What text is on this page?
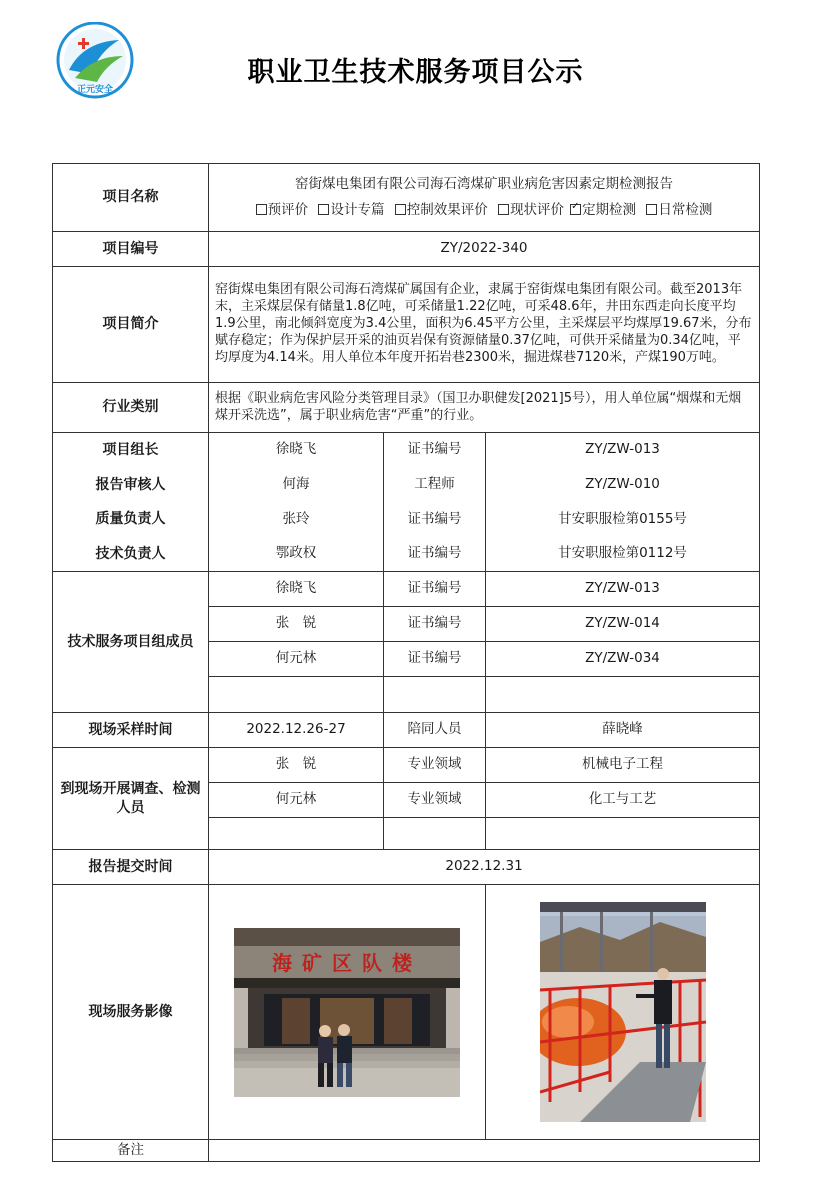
正元安全
职业卫生技术服务项目公示
项目名称	窑街煤电集团有限公司海石湾煤矿职业病危害因素定期检测报告
预评价 设计专篇 控制效果评价 现状评价 ✓ 定期检测 日常检测

项目编号	ZY/2022-340		
项目简介	窑街煤电集团有限公司海石湾煤矿属国有企业，隶属于窑街煤电集团有限公司。截至2013年末，主采煤层保有储量1.8亿吨，可采储量1.22亿吨，可采48.6年，井田东西走向长度平均1.9公里，南北倾斜宽度为3.4公里，面积为6.45平方公里，主采煤层平均煤厚19.67米，分布赋存稳定；作为保护层开采的油页岩保有资源储量0.37亿吨，可供开采储量为0.34亿吨，平均厚度为4.14米。用人单位本年度开拓岩巷2300米，掘进煤巷7120米，产煤190万吨。		
行业类别	根据《职业病危害风险分类管理目录》（国卫办职健发[2021]5号），用人单位属“烟煤和无烟煤开采洗选”，属于职业病危害“严重”的行业。		
项目组长	徐晓飞	证书编号	ZY/ZW-013
报告审核人	何海	工程师	ZY/ZW-010
质量负责人	张玲	证书编号	甘安职服检第0155号
技术负责人	鄂政权	证书编号	甘安职服检第0112号
技术服务项目组成员	徐晓飞	证书编号	ZY/ZW-013
	张　锐	证书编号	ZY/ZW-014
	何元林	证书编号	ZY/ZW-034

现场采样时间	2022.12.26-27	陪同人员	薛晓峰
到现场开展调查、检测人员	张　锐	专业领域	机械电子工程
	何元林	专业领域	化工与工艺

报告提交时间	2022.12.31		
现场服务影像	海矿区队楼

备注			
